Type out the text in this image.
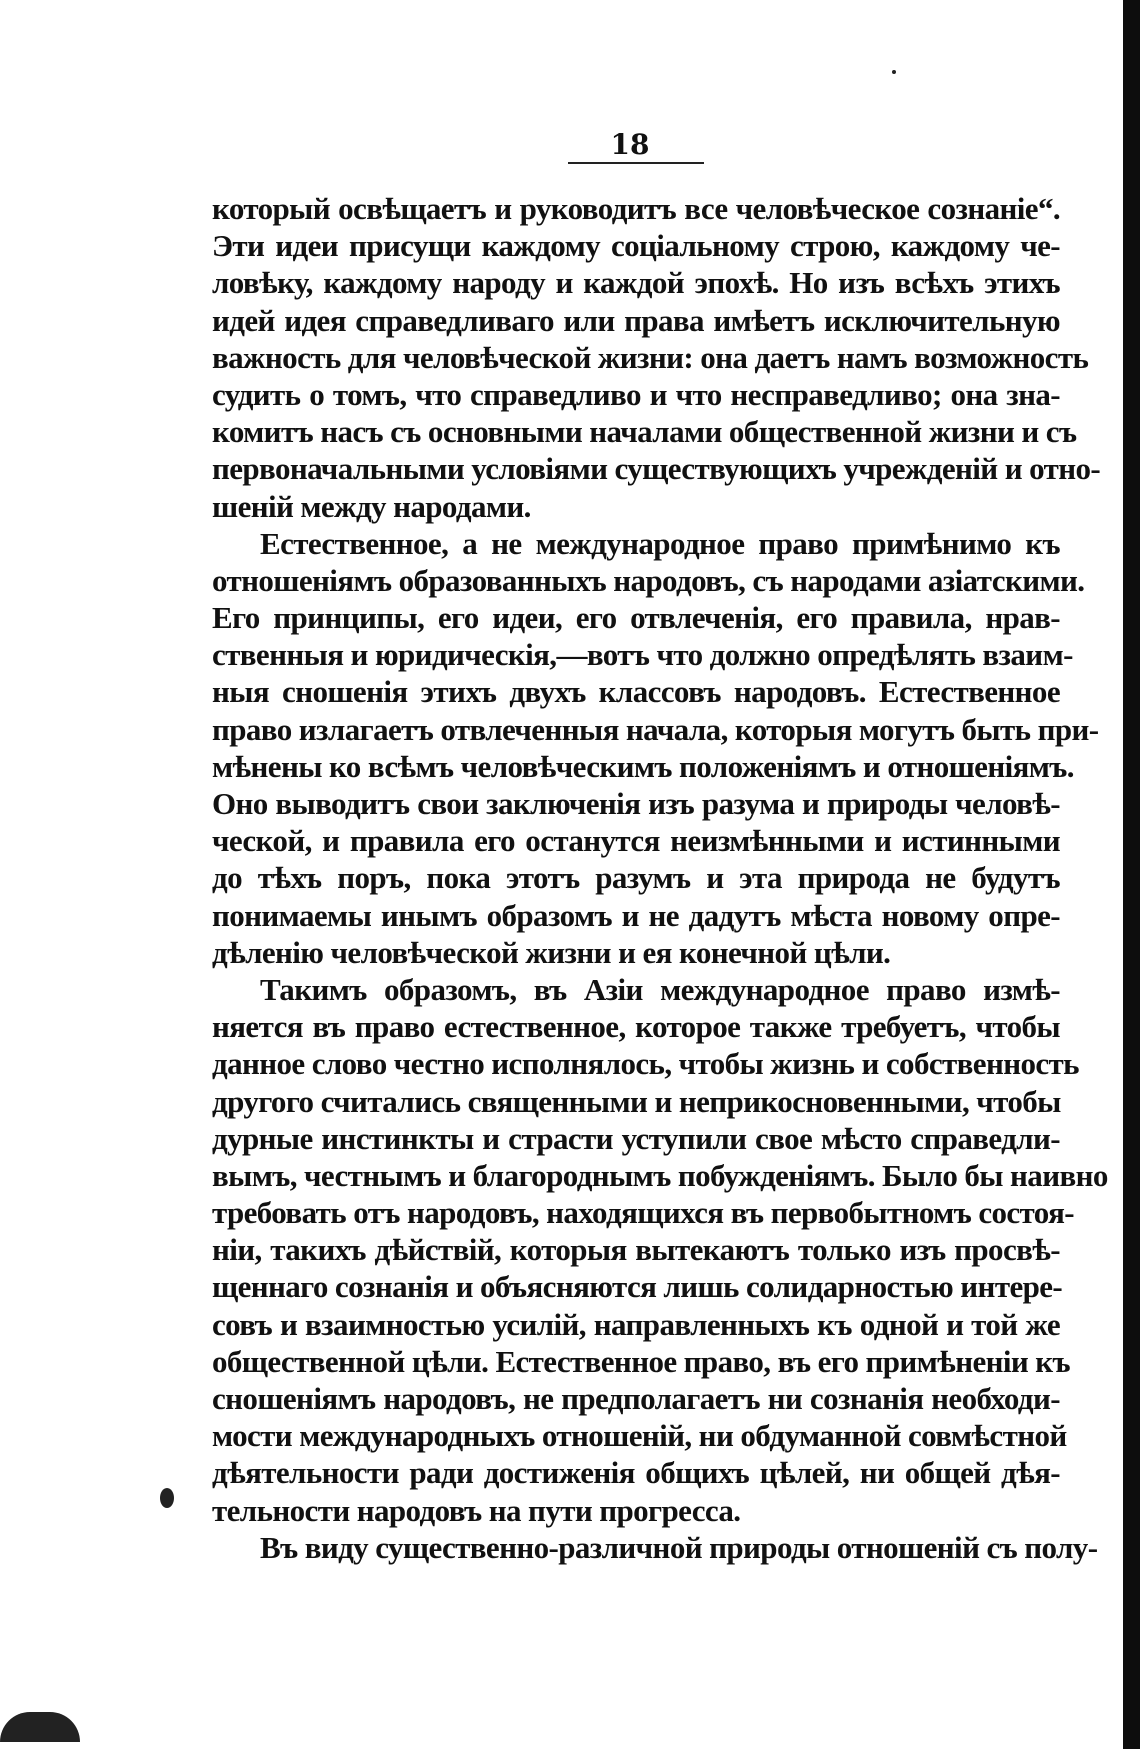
18
который освѣщаетъ и руководитъ все человѣческое сознаніе“.
Эти идеи присущи каждому соціальному строю, каждому че-
ловѣку, каждому народу и каждой эпохѣ. Но изъ всѣхъ этихъ
идей идея справедливаго или права имѣетъ исключительную
важность для человѣческой жизни: она даетъ намъ возможность
судить о томъ, что справедливо и что несправедливо; она зна-
комитъ насъ съ основными началами общественной жизни и съ
первоначальными условіями существующихъ учрежденій и отно-
шеній между народами.
Естественное, а не международное право примѣнимо къ
отношеніямъ образованныхъ народовъ, съ народами азіатскими.
Его принципы, его идеи, его отвлеченія, его правила, нрав-
ственныя и юридическія,—вотъ что должно опредѣлять взаим-
ныя сношенія этихъ двухъ классовъ народовъ. Естественное
право излагаетъ отвлеченныя начала, которыя могутъ быть при-
мѣнены ко всѣмъ человѣческимъ положеніямъ и отношеніямъ.
Оно выводитъ свои заключенія изъ разума и природы человѣ-
ческой, и правила его останутся неизмѣнными и истинными
до тѣхъ поръ, пока этотъ разумъ и эта природа не будутъ
понимаемы инымъ образомъ и не дадутъ мѣста новому опре-
дѣленію человѣческой жизни и ея конечной цѣли.
Такимъ образомъ, въ Азіи международное право измѣ-
няется въ право естественное, которое также требуетъ, чтобы
данное слово честно исполнялось, чтобы жизнь и собственность
другого считались священными и неприкосновенными, чтобы
дурные инстинкты и страсти уступили свое мѣсто справедли-
вымъ, честнымъ и благороднымъ побужденіямъ. Было бы наивно
требовать отъ народовъ, находящихся въ первобытномъ состоя-
ніи, такихъ дѣйствій, которыя вытекаютъ только изъ просвѣ-
щеннаго сознанія и объясняются лишь солидарностью интере-
совъ и взаимностью усилій, направленныхъ къ одной и той же
общественной цѣли. Естественное право, въ его примѣненіи къ
сношеніямъ народовъ, не предполагаетъ ни сознанія необходи-
мости международныхъ отношеній, ни обдуманной совмѣстной
дѣятельности ради достиженія общихъ цѣлей, ни общей дѣя-
тельности народовъ на пути прогресса.
Въ виду существенно-различной природы отношеній съ полу-
